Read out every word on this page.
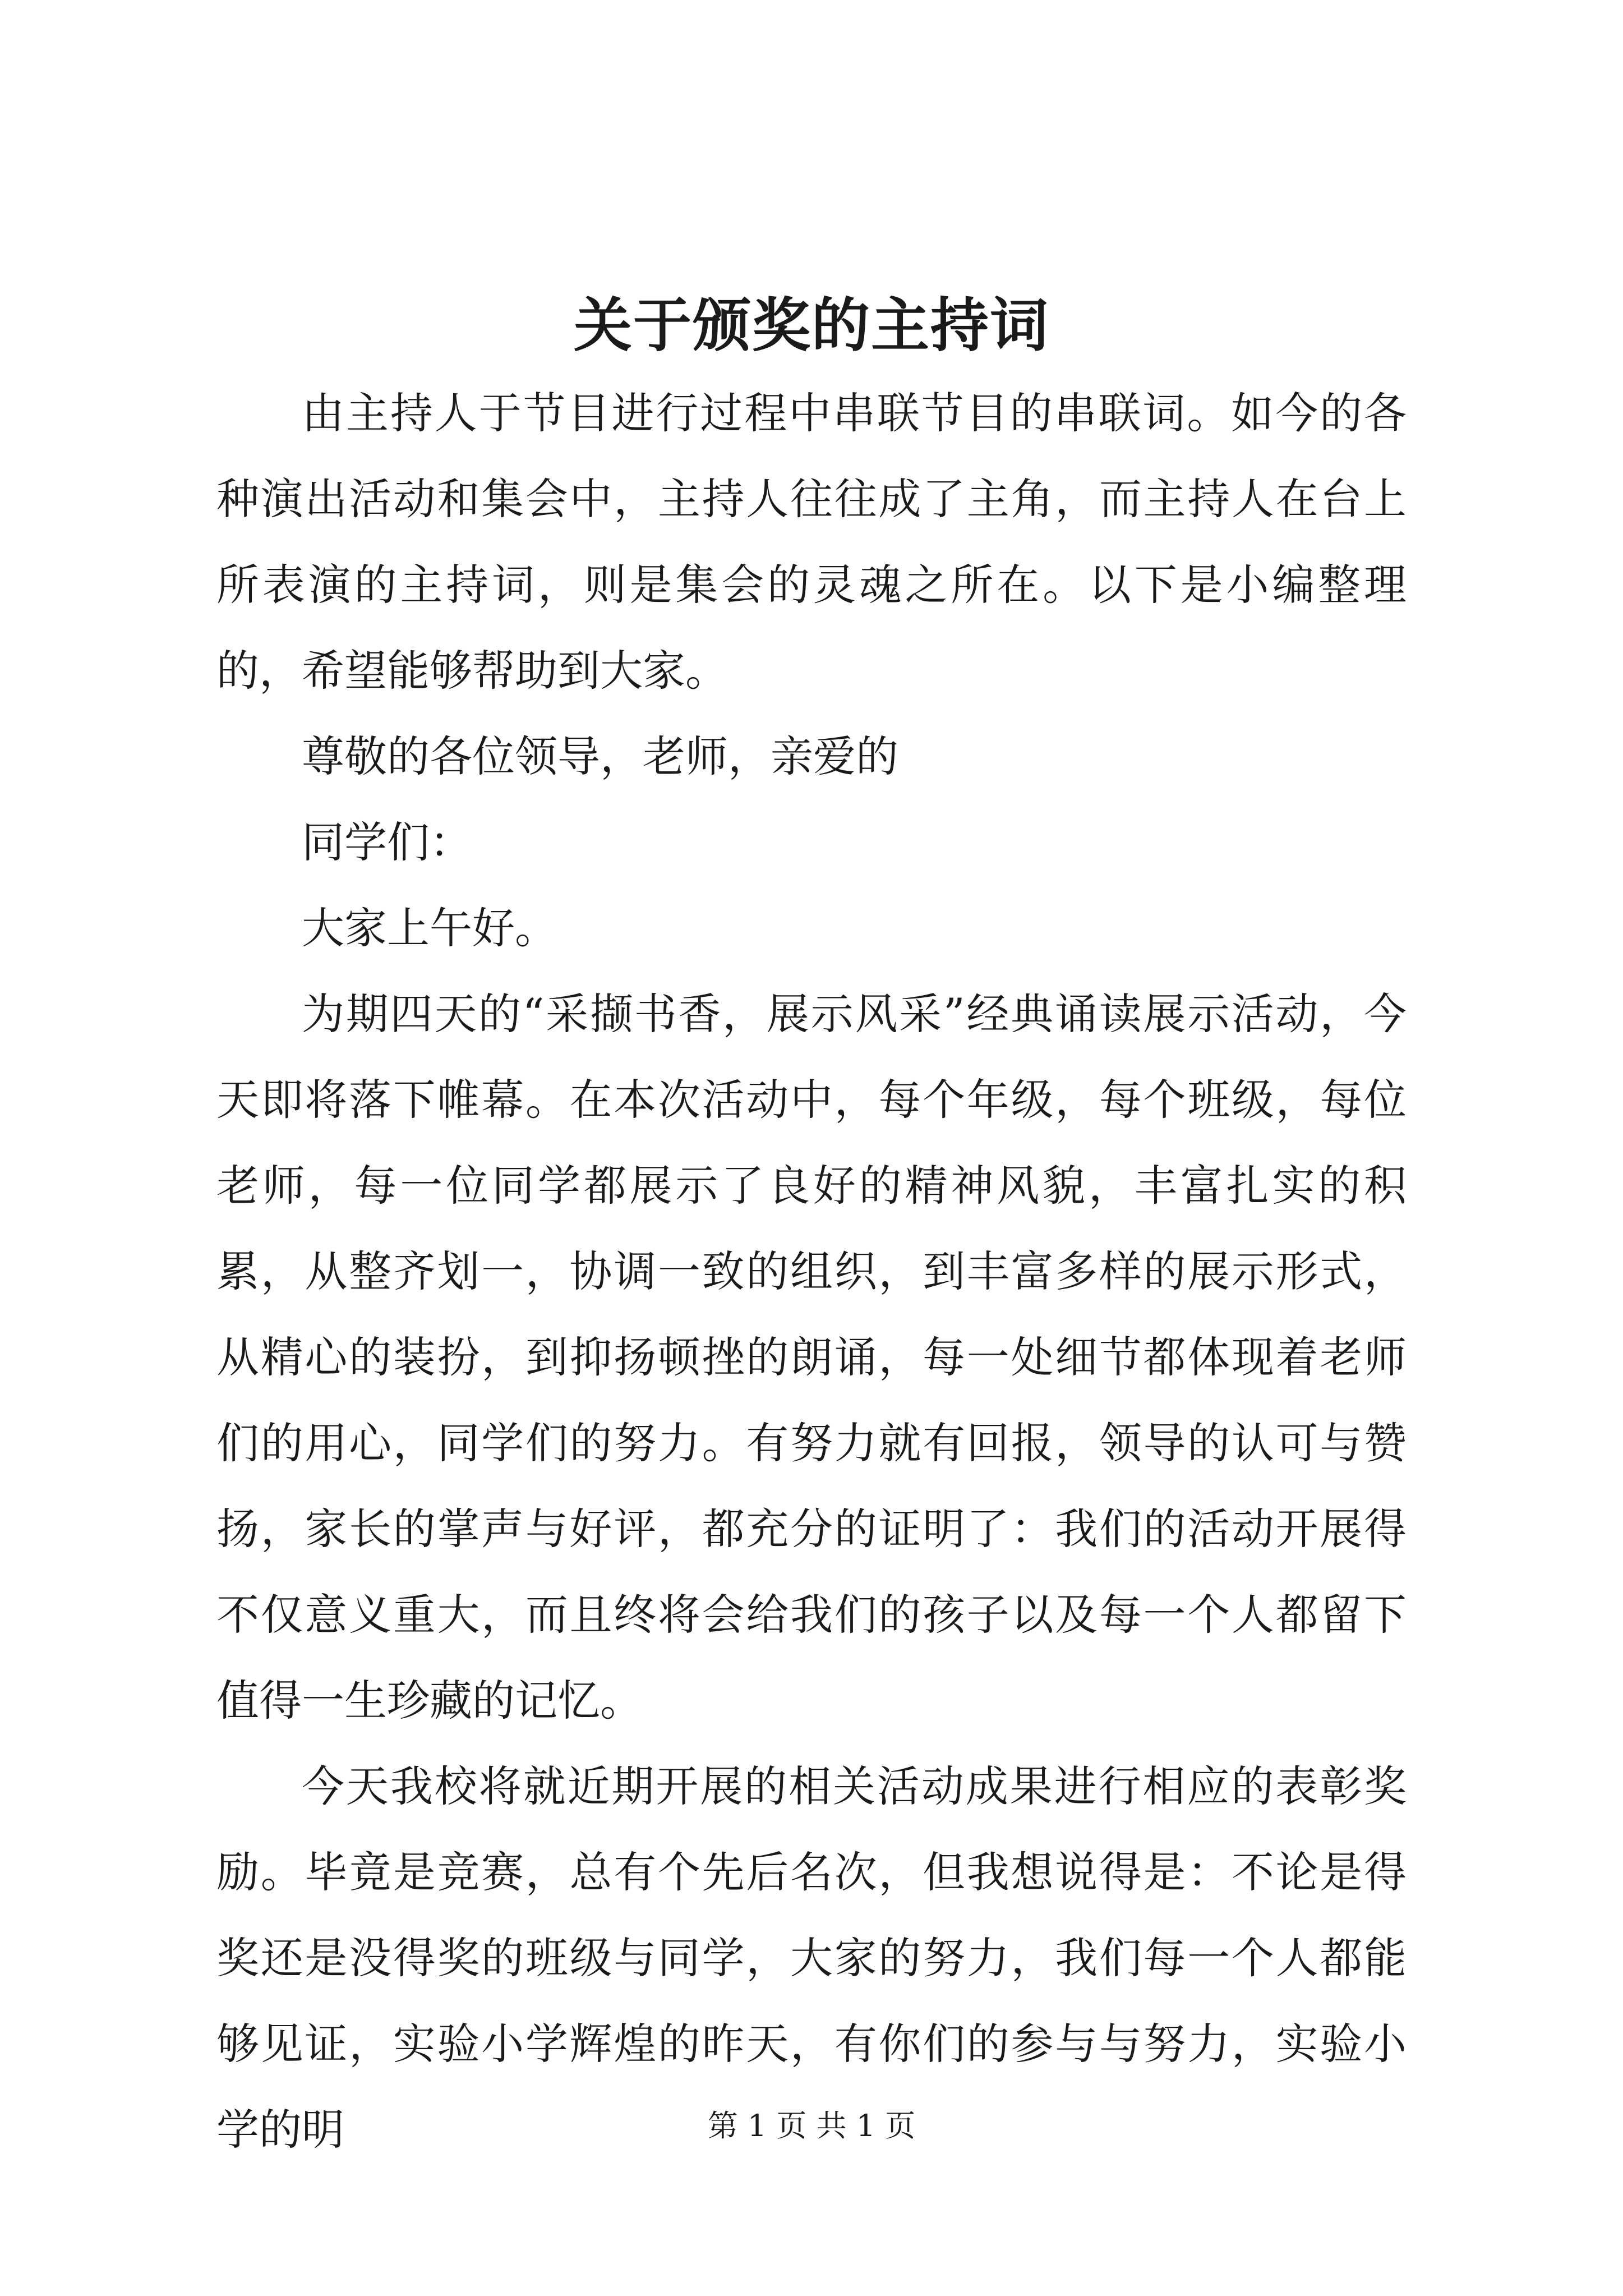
关于颁奖的主持词

由主持人于节目进行过程中串联节目的串联词。如今的各种演出活动和集会中，主持人往往成了主角，而主持人在台上所表演的主持词，则是集会的灵魂之所在。以下是小编整理的，希望能够帮助到大家。

尊敬的各位领导，老师，亲爱的

同学们：

大家上午好。

为期四天的“采撷书香，展示风采”经典诵读展示活动，今天即将落下帷幕。在本次活动中，每个年级，每个班级，每位老师，每一位同学都展示了良好的精神风貌，丰富扎实的积累，从整齐划一，协调一致的组织，到丰富多样的展示形式，从精心的装扮，到抑扬顿挫的朗诵，每一处细节都体现着老师们的用心，同学们的努力。有努力就有回报，领导的认可与赞扬，家长的掌声与好评，都充分的证明了：我们的活动开展得不仅意义重大，而且终将会给我们的孩子以及每一个人都留下值得一生珍藏的记忆。

今天我校将就近期开展的相关活动成果进行相应的表彰奖励。毕竟是竞赛，总有个先后名次，但我想说得是：不论是得奖还是没得奖的班级与同学，大家的努力，我们每一个人都能够见证，实验小学辉煌的昨天，有你们的参与与努力，实验小学的明	第 1 页 共 1 页
